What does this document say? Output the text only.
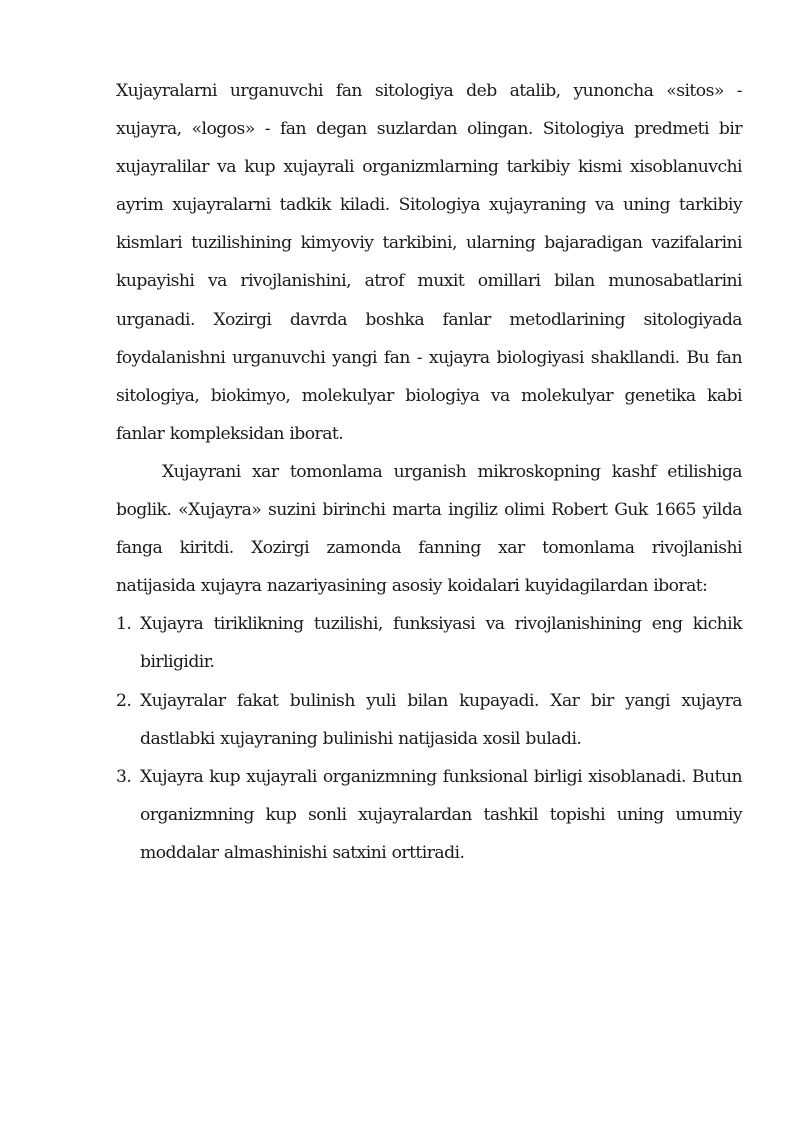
Xujayralarni urganuvchi fan sitologiya deb atalib, yunoncha «sitos» - xujayra, «logos» - fan degan suzlardan olingan. Sitologiya predmeti bir xujayralilar va kup xujayrali organizmlarning tarkibiy kismi xisoblanuvchi ayrim xujayralarni tadkik kiladi. Sitologiya xujayraning va uning tarkibiy kismlari tuzilishining kimyoviy tarkibini, ularning bajaradigan vazifalarini kupayishi va rivojlanishini, atrof muxit omillari bilan munosabatlarini urganadi. Xozirgi davrda boshka fanlar metodlarining sitologiyada foydalanishni urganuvchi yangi fan - xujayra biologiyasi shakllandi. Bu fan sitologiya, biokimyo, molekulyar biologiya va molekulyar genetika kabi fanlar kompleksidan iborat.

Xujayrani xar tomonlama urganish mikroskopning kashf etilishiga boglik. «Xujayra» suzini birinchi marta ingiliz olimi Robert Guk 1665 yilda fanga kiritdi. Xozirgi zamonda fanning xar tomonlama rivojlanishi natijasida xujayra nazariyasining asosiy koidalari kuyidagilardan iborat:

1. Xujayra tiriklikning tuzilishi, funksiyasi va rivojlanishining eng kichik birligidir.
2. Xujayralar fakat bulinish yuli bilan kupayadi. Xar bir yangi xujayra dastlabki xujayraning bulinishi natijasida xosil buladi.
3. Xujayra kup xujayrali organizmning funksional birligi xisoblanadi. Butun organizmning kup sonli xujayralardan tashkil topishi uning umumiy moddalar almashinishi satxini orttiradi.
